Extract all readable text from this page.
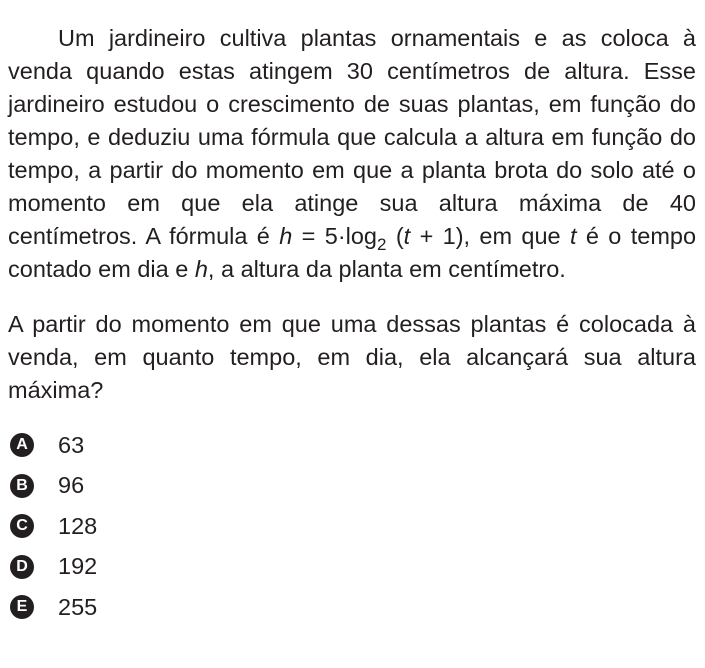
Um jardineiro cultiva plantas ornamentais e as coloca à venda quando estas atingem 30 centímetros de altura. Esse jardineiro estudou o crescimento de suas plantas, em função do tempo, e deduziu uma fórmula que calcula a altura em função do tempo, a partir do momento em que a planta brota do solo até o momento em que ela atinge sua altura máxima de 40 centímetros. A fórmula é $h = 5\cdot\log_2$ (t + 1), em que t é o tempo contado em dia e h, a altura da planta em centímetro.

A partir do momento em que uma dessas plantas é colocada à venda, em quanto tempo, em dia, ela alcançará sua altura máxima?

A 63
B 96
C 128
D 192
E 255
